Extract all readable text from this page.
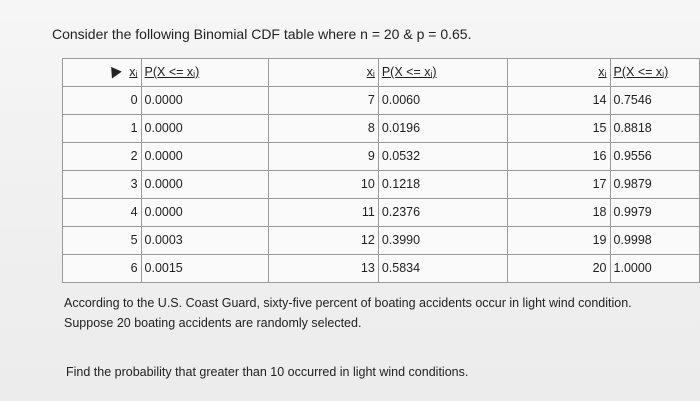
Consider the following Binomial CDF table where n = 20 & p = 0.65.
xᵢ	P(X <= xᵢ)	xᵢ	P(X <= xᵢ)	xᵢ	P(X <= xᵢ)
0	0.0000	7	0.0060	14	0.7546
1	0.0000	8	0.0196	15	0.8818
2	0.0000	9	0.0532	16	0.9556
3	0.0000	10	0.1218	17	0.9879
4	0.0000	11	0.2376	18	0.9979
5	0.0003	12	0.3990	19	0.9998
6	0.0015	13	0.5834	20	1.0000
According to the U.S. Coast Guard, sixty-five percent of boating accidents occur in light wind condition. Suppose 20 boating accidents are randomly selected.
Find the probability that greater than 10 occurred in light wind conditions.
